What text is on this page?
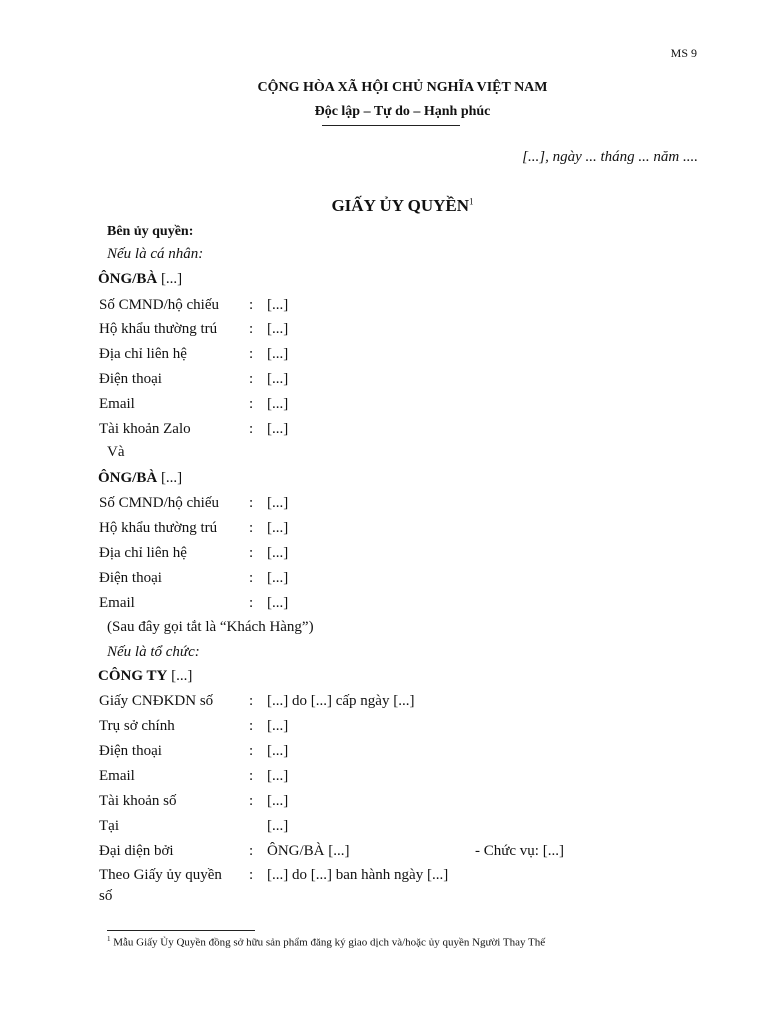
MS 9
CỘNG HÒA XÃ HỘI CHỦ NGHĨA VIỆT NAM
Độc lập – Tự do – Hạnh phúc
[...], ngày ... tháng ... năm ....
GIẤY ỦY QUYỀN$^1$
Bên ủy quyền:
Nếu là cá nhân:
ÔNG/BÀ [...]
Số CMND/hộ chiếu : [...]
Hộ khẩu thường trú : [...]
Địa chỉ liên hệ	: [...]
Điện thoại	: [...]
Email	: [...]
Tài khoản Zalo	: [...]
Và
ÔNG/BÀ [...]
Số CMND/hộ chiếu : [...]
Hộ khẩu thường trú : [...]
Địa chỉ liên hệ	: [...]
Điện thoại	: [...]
Email	: [...]
(Sau đây gọi tắt là “Khách Hàng”)
Nếu là tổ chức:
CÔNG TY [...]
Giấy CNĐKDN số : [...] do [...] cấp ngày [...]
Trụ sở chính	: [...]
Điện thoại	: [...]
Email	: [...]
Tài khoản số	: [...]
Tại	[...]
Đại diện bởi	: ÔNG/BÀ [...]	- Chức vụ: [...]
Theo Giấy ủy quyền : [...] do [...] ban hành ngày [...]
số
$^1$ Mẫu Giấy Ủy Quyền đồng sở hữu sản phẩm đăng ký giao dịch và/hoặc ủy quyền Người Thay Thế
